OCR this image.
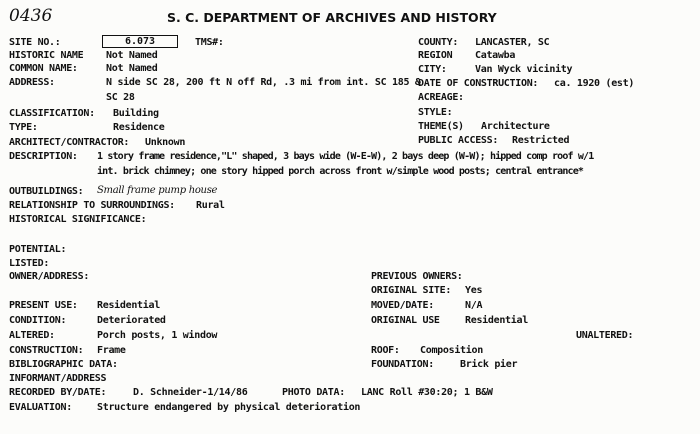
0436	S. C. DEPARTMENT OF ARCHIVES AND HISTORY
SITE NO.:	6.073	TMS#:
HISTORIC NAME Not Named
COMMON NAME:	Not Named
ADDRESS:	N side SC 28, 200 ft N off Rd, .3 mi from int. SC 185 &
SC 28
CLASSIFICATION: Building
TYPE:	Residence
ARCHITECT/CONTRACTOR: Unknown
COUNTY: LANCASTER, SC
REGION Catawba
CITY:	Van Wyck vicinity
DATE OF CONSTRUCTION: ca. 1920 (est)
ACREAGE:
STYLE:
THEME(S) Architecture
PUBLIC ACCESS: Restricted
DESCRIPTION: 1 story frame residence,"L" shaped, 3 bays wide (W-E-W), 2 bays deep (W-W); hipped comp roof w/1
int. brick chimney; one story hipped porch across front w/simple wood posts; central entrance*
OUTBUILDINGS: Small frame pump house
RELATIONSHIP TO SURROUNDINGS: Rural
HISTORICAL SIGNIFICANCE:
POTENTIAL:
LISTED:
OWNER/ADDRESS:	PREVIOUS OWNERS:
ORIGINAL SITE: Yes
MOVED/DATE:	N/A
ORIGINAL USE	Residential
PRESENT USE: Residential
CONDITION:	Deteriorated
ALTERED:	Porch posts, 1 window	UNALTERED:
CONSTRUCTION: Frame	ROOF: Composition
BIBLIOGRAPHIC DATA:	FOUNDATION:	Brick pier
INFORMANT/ADDRESS
RECORDED BY/DATE:	D. Schneider-1/14/86	PHOTO DATA: LANC Roll #30:20; 1 B&W
EVALUATION:	Structure endangered by physical deterioration
